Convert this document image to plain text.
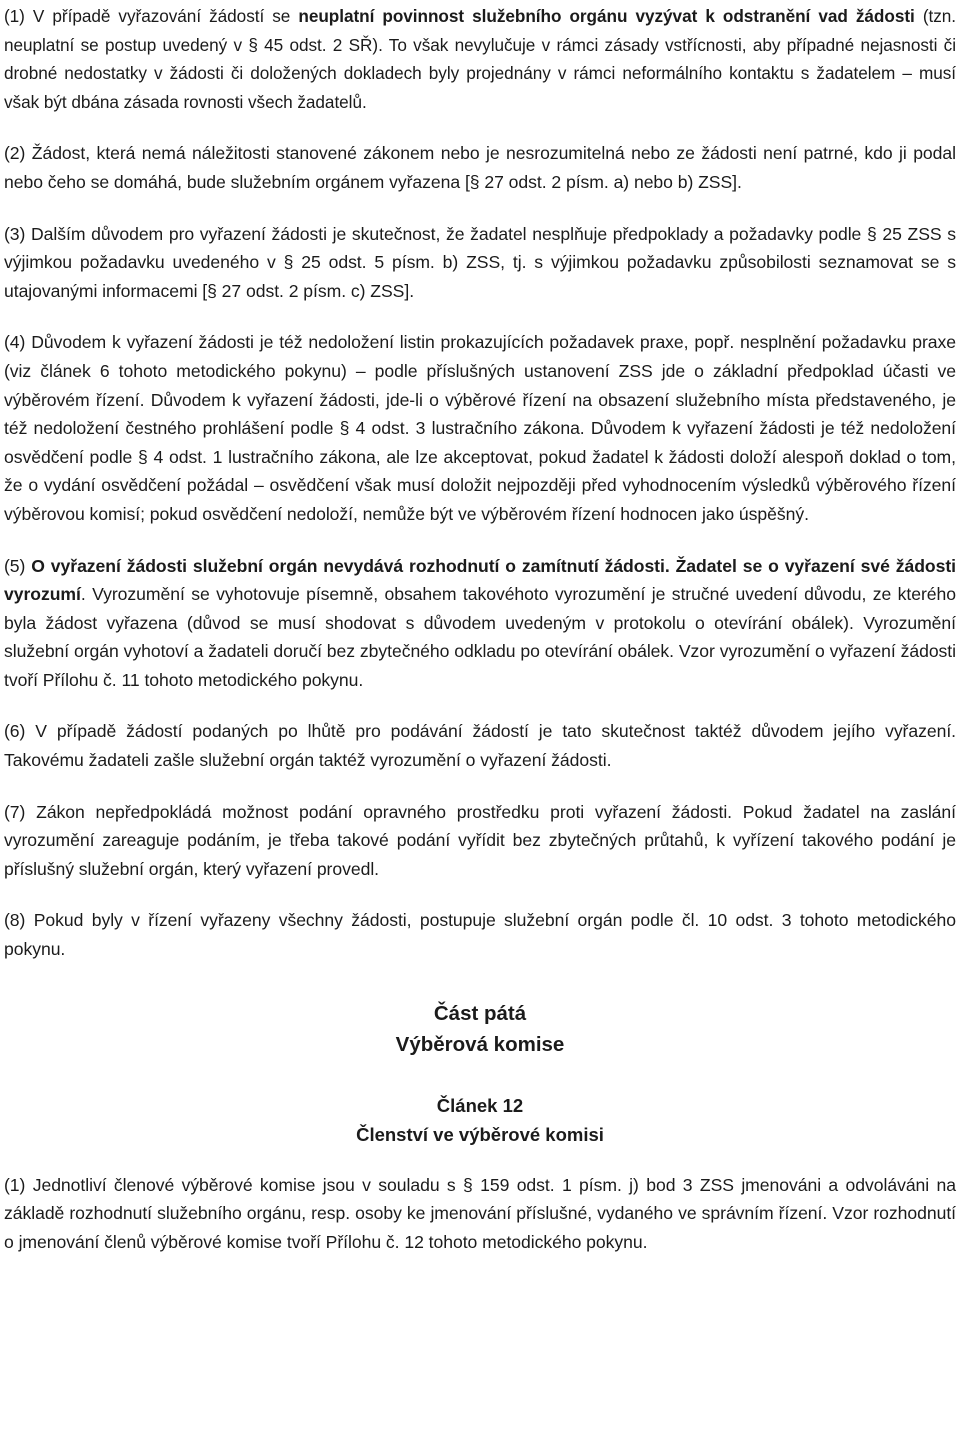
(1) V případě vyřazování žádostí se neuplatní povinnost služebního orgánu vyzývat k odstranění vad žádosti (tzn. neuplatní se postup uvedený v § 45 odst. 2 SŘ). To však nevylučuje v rámci zásady vstřícnosti, aby případné nejasnosti či drobné nedostatky v žádosti či doložených dokladech byly projednány v rámci neformálního kontaktu s žadatelem – musí však být dbána zásada rovnosti všech žadatelů.

(2) Žádost, která nemá náležitosti stanovené zákonem nebo je nesrozumitelná nebo ze žádosti není patrné, kdo ji podal nebo čeho se domáhá, bude služebním orgánem vyřazena [§ 27 odst. 2 písm. a) nebo b) ZSS].

(3) Dalším důvodem pro vyřazení žádosti je skutečnost, že žadatel nesplňuje předpoklady a požadavky podle § 25 ZSS s výjimkou požadavku uvedeného v § 25 odst. 5 písm. b) ZSS, tj. s výjimkou požadavku způsobilosti seznamovat se s utajovanými informacemi [§ 27 odst. 2 písm. c) ZSS].

(4) Důvodem k vyřazení žádosti je též nedoložení listin prokazujících požadavek praxe, popř. nesplnění požadavku praxe (viz článek 6 tohoto metodického pokynu) – podle příslušných ustanovení ZSS jde o základní předpoklad účasti ve výběrovém řízení. Důvodem k vyřazení žádosti, jde-li o výběrové řízení na obsazení služebního místa představeného, je též nedoložení čestného prohlášení podle § 4 odst. 3 lustračního zákona. Důvodem k vyřazení žádosti je též nedoložení osvědčení podle § 4 odst. 1 lustračního zákona, ale lze akceptovat, pokud žadatel k žádosti doloží alespoň doklad o tom, že o vydání osvědčení požádal – osvědčení však musí doložit nejpozději před vyhodnocením výsledků výběrového řízení výběrovou komisí; pokud osvědčení nedoloží, nemůže být ve výběrovém řízení hodnocen jako úspěšný.

(5) O vyřazení žádosti služební orgán nevydává rozhodnutí o zamítnutí žádosti. Žadatel se o vyřazení své žádosti vyrozumí. Vyrozumění se vyhotovuje písemně, obsahem takovéhoto vyrozumění je stručné uvedení důvodu, ze kterého byla žádost vyřazena (důvod se musí shodovat s důvodem uvedeným v protokolu o otevírání obálek). Vyrozumění služební orgán vyhotoví a žadateli doručí bez zbytečného odkladu po otevírání obálek. Vzor vyrozumění o vyřazení žádosti tvoří Přílohu č. 11 tohoto metodického pokynu.

(6) V případě žádostí podaných po lhůtě pro podávání žádostí je tato skutečnost taktéž důvodem jejího vyřazení. Takovému žadateli zašle služební orgán taktéž vyrozumění o vyřazení žádosti.

(7) Zákon nepředpokládá možnost podání opravného prostředku proti vyřazení žádosti. Pokud žadatel na zaslání vyrozumění zareaguje podáním, je třeba takové podání vyřídit bez zbytečných průtahů, k vyřízení takového podání je příslušný služební orgán, který vyřazení provedl.

(8) Pokud byly v řízení vyřazeny všechny žádosti, postupuje služební orgán podle čl. 10 odst. 3 tohoto metodického pokynu.

Část pátá

Výběrová komise

Článek 12

Členství ve výběrové komisi

(1) Jednotliví členové výběrové komise jsou v souladu s § 159 odst. 1 písm. j) bod 3 ZSS jmenováni a odvoláváni na základě rozhodnutí služebního orgánu, resp. osoby ke jmenování příslušné, vydaného ve správním řízení. Vzor rozhodnutí o jmenování členů výběrové komise tvoří Přílohu č. 12 tohoto metodického pokynu.
